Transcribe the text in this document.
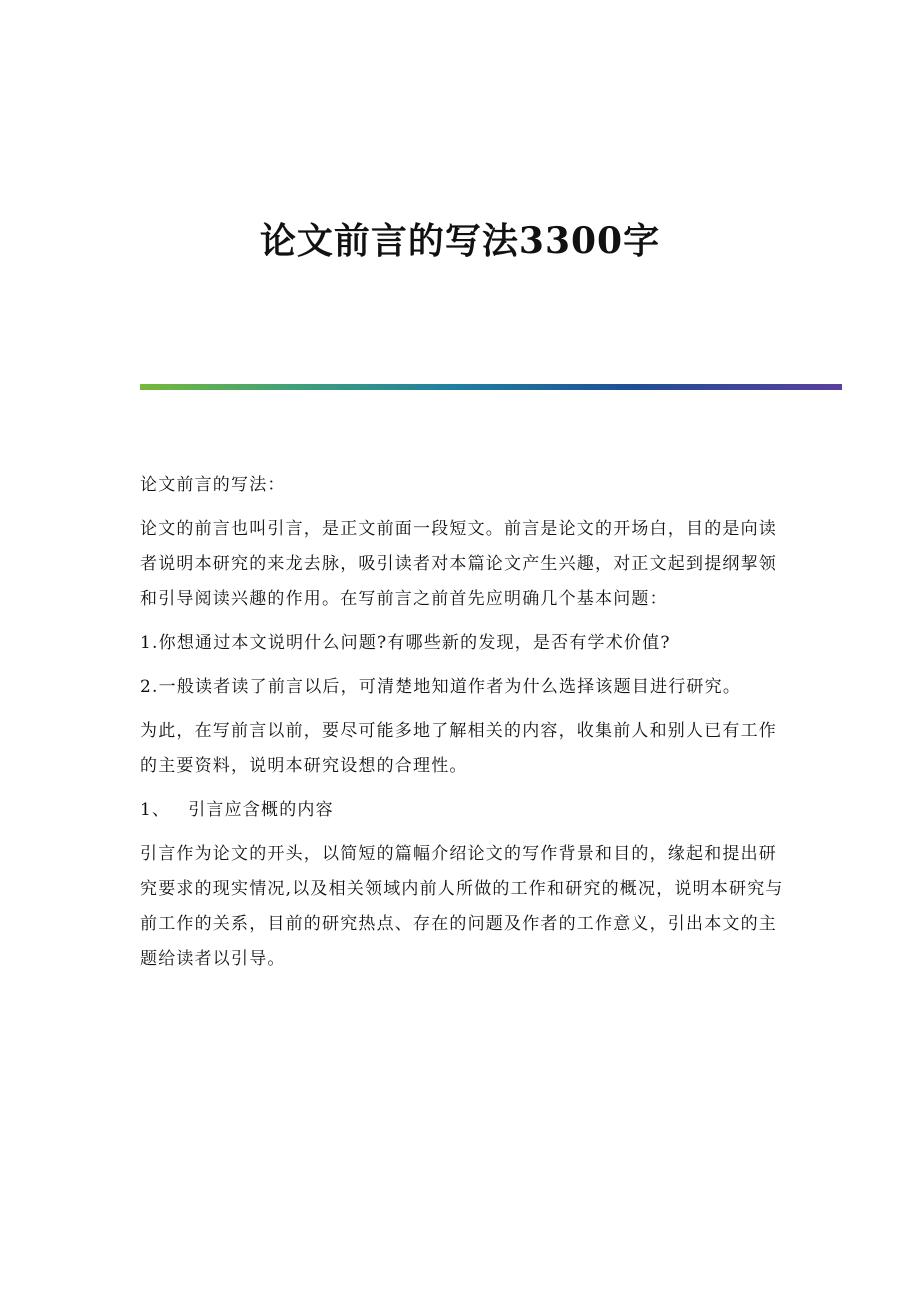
论文前言的写法3300字

论文前言的写法：

论文的前言也叫引言，是正文前面一段短文。前言是论文的开场白，目的是向读者说明本研究的来龙去脉，吸引读者对本篇论文产生兴趣，对正文起到提纲挈领和引导阅读兴趣的作用。在写前言之前首先应明确几个基本问题：

1.你想通过本文说明什么问题?有哪些新的发现，是否有学术价值?

2.一般读者读了前言以后，可清楚地知道作者为什么选择该题目进行研究。

为此，在写前言以前，要尽可能多地了解相关的内容，收集前人和别人已有工作的主要资料，说明本研究设想的合理性。

1、 引言应含概的内容

引言作为论文的开头，以简短的篇幅介绍论文的写作背景和目的，缘起和提出研究要求的现实情况,以及相关领域内前人所做的工作和研究的概况，说明本研究与前工作的关系，目前的研究热点、存在的问题及作者的工作意义，引出本文的主题给读者以引导。
